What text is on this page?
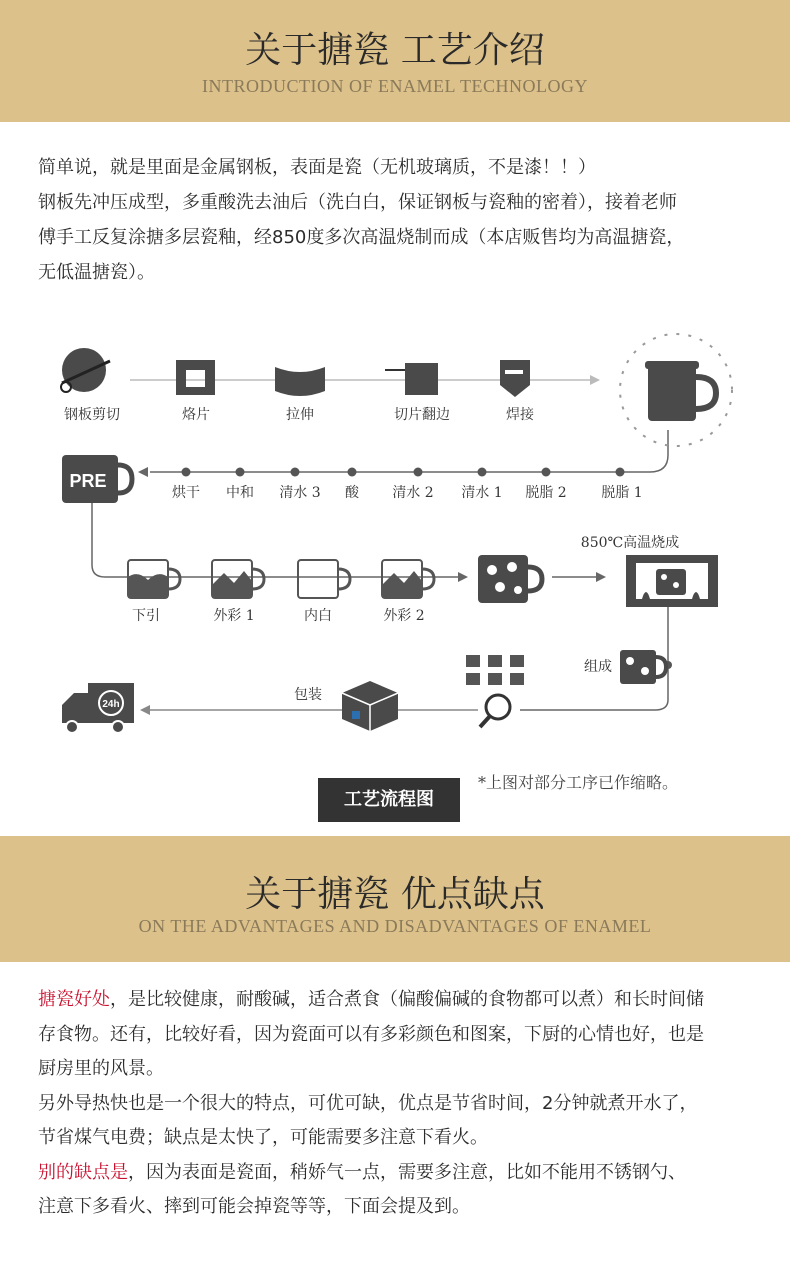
关于搪瓷 工艺介绍
INTRODUCTION OF ENAMEL TECHNOLOGY
简单说，就是里面是金属钢板，表面是瓷（无机玻璃质，不是漆！！）
钢板先冲压成型，多重酸洗去油后（洗白白，保证钢板与瓷釉的密着），接着老师
傅手工反复涂搪多层瓷釉，经850度多次高温烧制而成（本店贩售均为高温搪瓷，
无低温搪瓷）。
钢板剪切	烙片	拉伸	切片翻边	焊接
PRE
烘干 中和 清水 3 酸 清水 2 清水 1 脱脂 2 脱脂 1
下引	外彩 1	内白	外彩 2
850℃高温烧成
组成
包装
24h
工艺流程图
*上图对部分工序已作缩略。
关于搪瓷 优点缺点
ON THE ADVANTAGES AND DISADVANTAGES OF ENAMEL
搪瓷好处，是比较健康，耐酸碱，适合煮食（偏酸偏碱的食物都可以煮）和长时间储
存食物。还有，比较好看，因为瓷面可以有多彩颜色和图案，下厨的心情也好，也是
厨房里的风景。
另外导热快也是一个很大的特点，可优可缺，优点是节省时间，2分钟就煮开水了，
节省煤气电费；缺点是太快了，可能需要多注意下看火。
别的缺点是，因为表面是瓷面，稍娇气一点，需要多注意，比如不能用不锈钢勺、
注意下多看火、摔到可能会掉瓷等等，下面会提及到。
